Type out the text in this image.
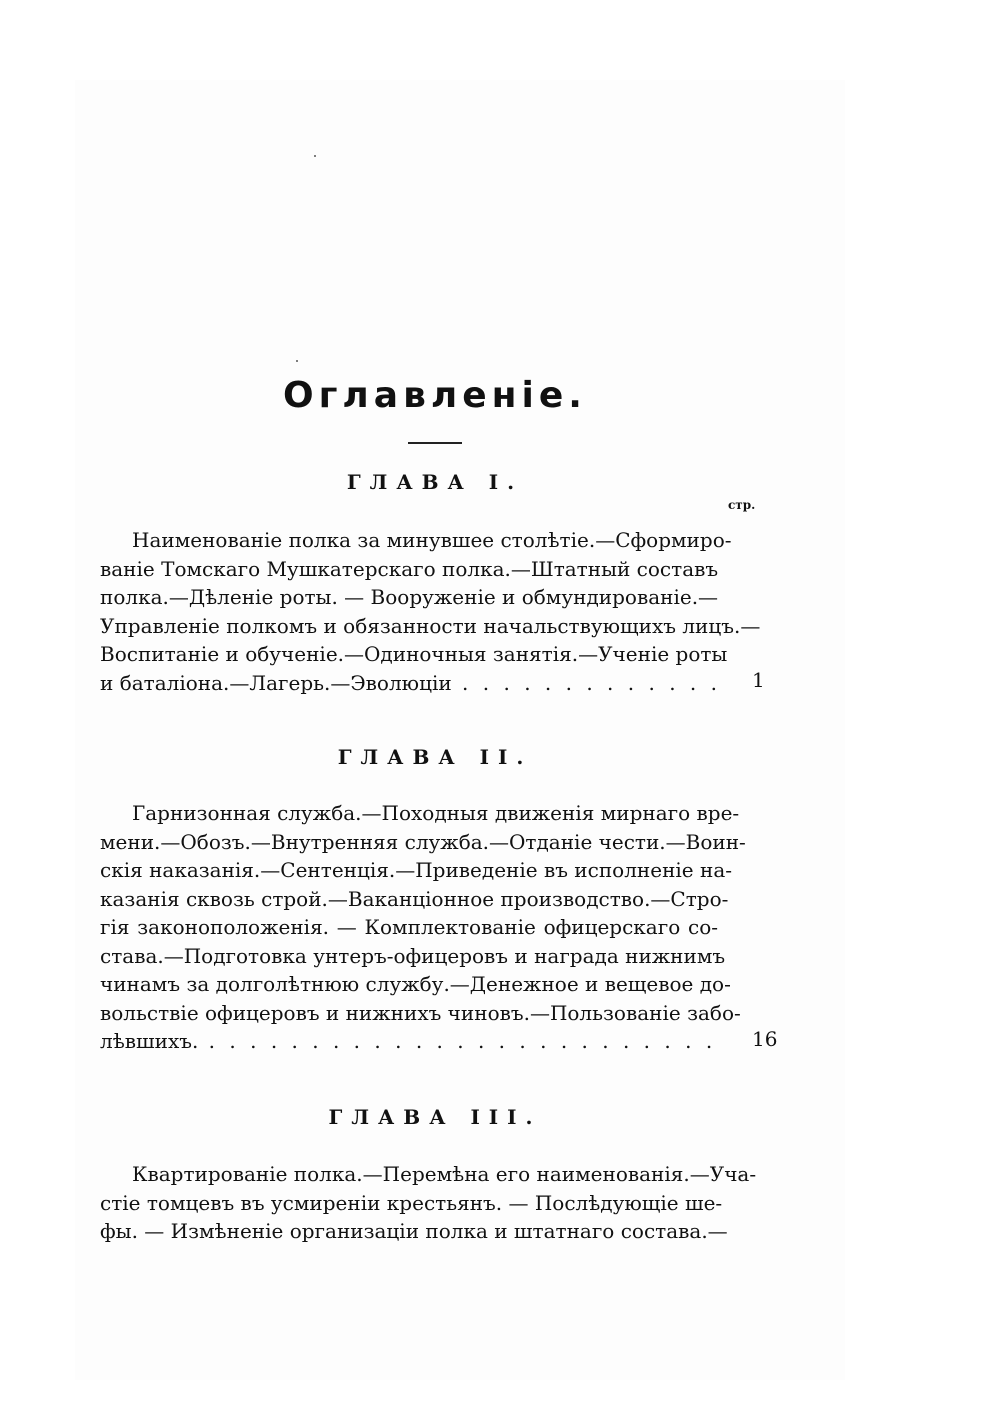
Оглавленіе.
стр.
ГЛАВА I.

Наименованіе полка за минувшее столѣтіе.—Сформиро-
ваніе Томскаго Мушкатерскаго полка.—Штатный составъ
полка.—Дѣленіе роты. — Вооруженіе и обмундированіе.—
Управленіе полкомъ и обязанности начальствующихъ лицъ.—
Воспитаніе и обученіе.—Одиночныя занятія.—Ученіе роты
и баталіона.—Лагерь.—Эволюціи . . .	1
ГЛАВА II.

Гарнизонная служба.—Походныя движенія мирнаго вре-
мени.—Обозъ.—Внутренняя служба.—Отданіе чести.—Воин-
скія наказанія.—Сентенція.—Приведеніе въ исполненіе на-
казанія сквозь строй.—Ваканціонное производство.—Стро-
гія законоположенія. — Комплектованіе офицерскаго со-
става.—Подготовка унтеръ-офицеровъ и награда нижнимъ
чинамъ за долголѣтнюю службу.—Денежное и вещевое до-
вольствіе офицеровъ и нижнихъ чиновъ.—Пользованіе забо-
лѣвшихъ. . . .	16
ГЛАВА III.

Квартированіе полка.—Перемѣна его наименованія.—Уча-
стіе томцевъ въ усмиреніи крестьянъ. — Послѣдующіе ше-
фы. — Измѣненіе организаціи полка и штатнаго состава.—
